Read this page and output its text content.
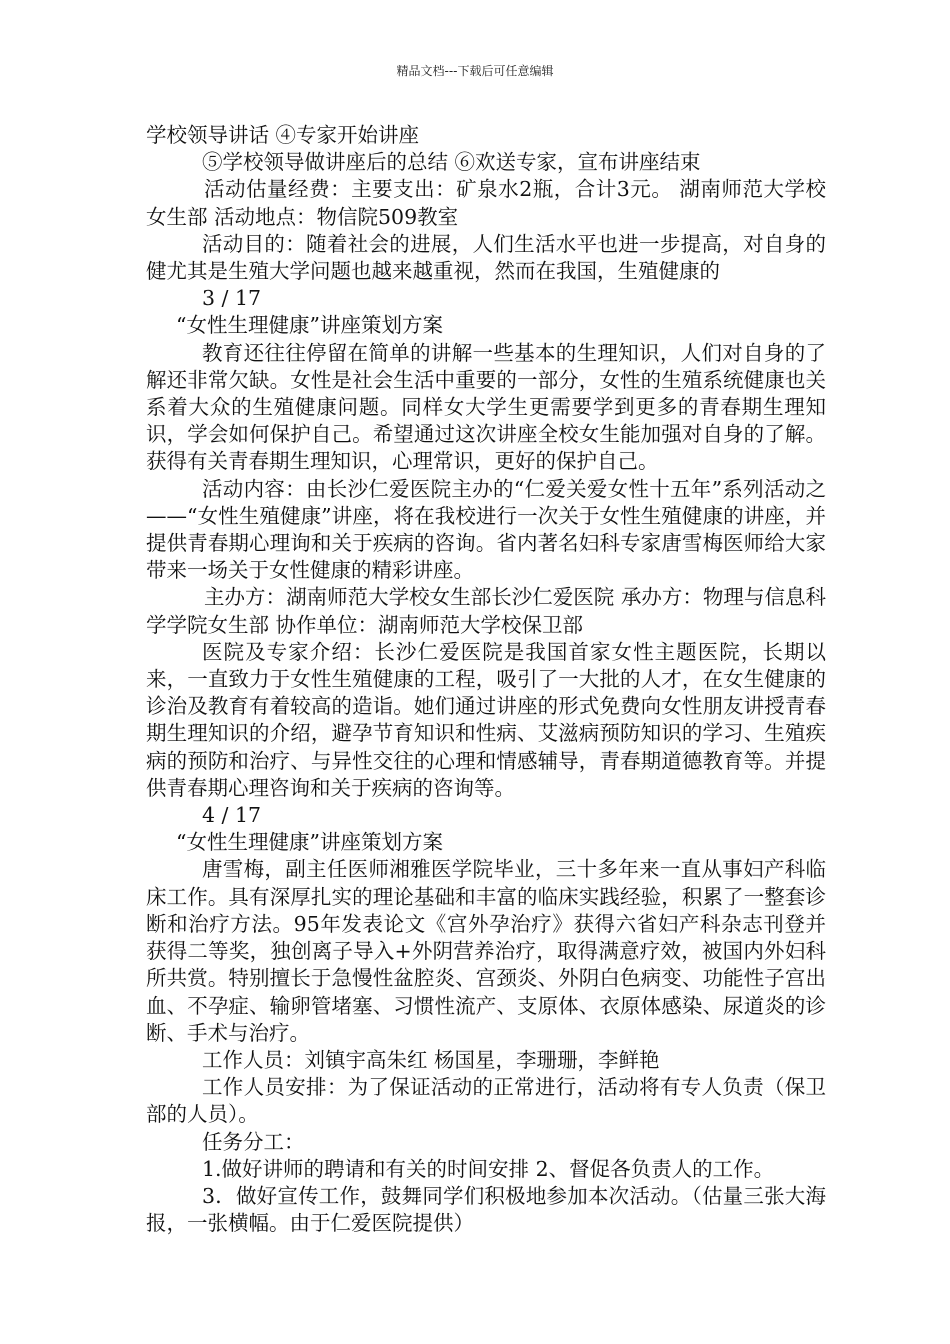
精品文档---下载后可任意编辑

学校领导讲话 ④专家开始讲座

⑤学校领导做讲座后的总结 ⑥欢送专家，宣布讲座结束

活动估量经费：主要支出：矿泉水2瓶，合计3元。 湖南师范大学校女生部 活动地点：物信院509教室

活动目的：随着社会的进展，人们生活水平也进一步提高，对自身的健尤其是生殖大学问题也越来越重视，然而在我国，生殖健康的

3 / 17

“女性生理健康”讲座策划方案

教育还往往停留在简单的讲解一些基本的生理知识，人们对自身的了解还非常欠缺。女性是社会生活中重要的一部分，女性的生殖系统健康也关系着大众的生殖健康问题。同样女大学生更需要学到更多的青春期生理知识，学会如何保护自己。希望通过这次讲座全校女生能加强对自身的了解。获得有关青春期生理知识，心理常识，更好的保护自己。

活动内容：由长沙仁爱医院主办的“仁爱关爱女性十五年”系列活动之——“女性生殖健康”讲座，将在我校进行一次关于女性生殖健康的讲座，并提供青春期心理询和关于疾病的咨询。省内著名妇科专家唐雪梅医师给大家带来一场关于女性健康的精彩讲座。

主办方：湖南师范大学校女生部长沙仁爱医院 承办方：物理与信息科学学院女生部 协作单位：湖南师范大学校保卫部

医院及专家介绍：长沙仁爱医院是我国首家女性主题医院，长期以来，一直致力于女性生殖健康的工程，吸引了一大批的人才，在女生健康的诊治及教育有着较高的造诣。她们通过讲座的形式免费向女性朋友讲授青春期生理知识的介绍，避孕节育知识和性病、艾滋病预防知识的学习、生殖疾病的预防和治疗、与异性交往的心理和情感辅导，青春期道德教育等。并提供青春期心理咨询和关于疾病的咨询等。

4 / 17

“女性生理健康”讲座策划方案

唐雪梅，副主任医师湘雅医学院毕业，三十多年来一直从事妇产科临床工作。具有深厚扎实的理论基础和丰富的临床实践经验，积累了一整套诊断和治疗方法。95年发表论文《宫外孕治疗》获得六省妇产科杂志刊登并获得二等奖，独创离子导入+外阴营养治疗，取得满意疗效，被国内外妇科所共赏。特别擅长于急慢性盆腔炎、宫颈炎、外阴白色病变、功能性子宫出血、不孕症、输卵管堵塞、习惯性流产、支原体、衣原体感染、尿道炎的诊断、手术与治疗。

工作人员：刘镇宇高朱红 杨国星，李珊珊，李鲜艳

工作人员安排：为了保证活动的正常进行，活动将有专人负责（保卫部的人员）。

任务分工：

1.做好讲师的聘请和有关的时间安排 2、督促各负责人的工作。

3．做好宣传工作，鼓舞同学们积极地参加本次活动。（估量三张大海报，一张横幅。由于仁爱医院提供）
